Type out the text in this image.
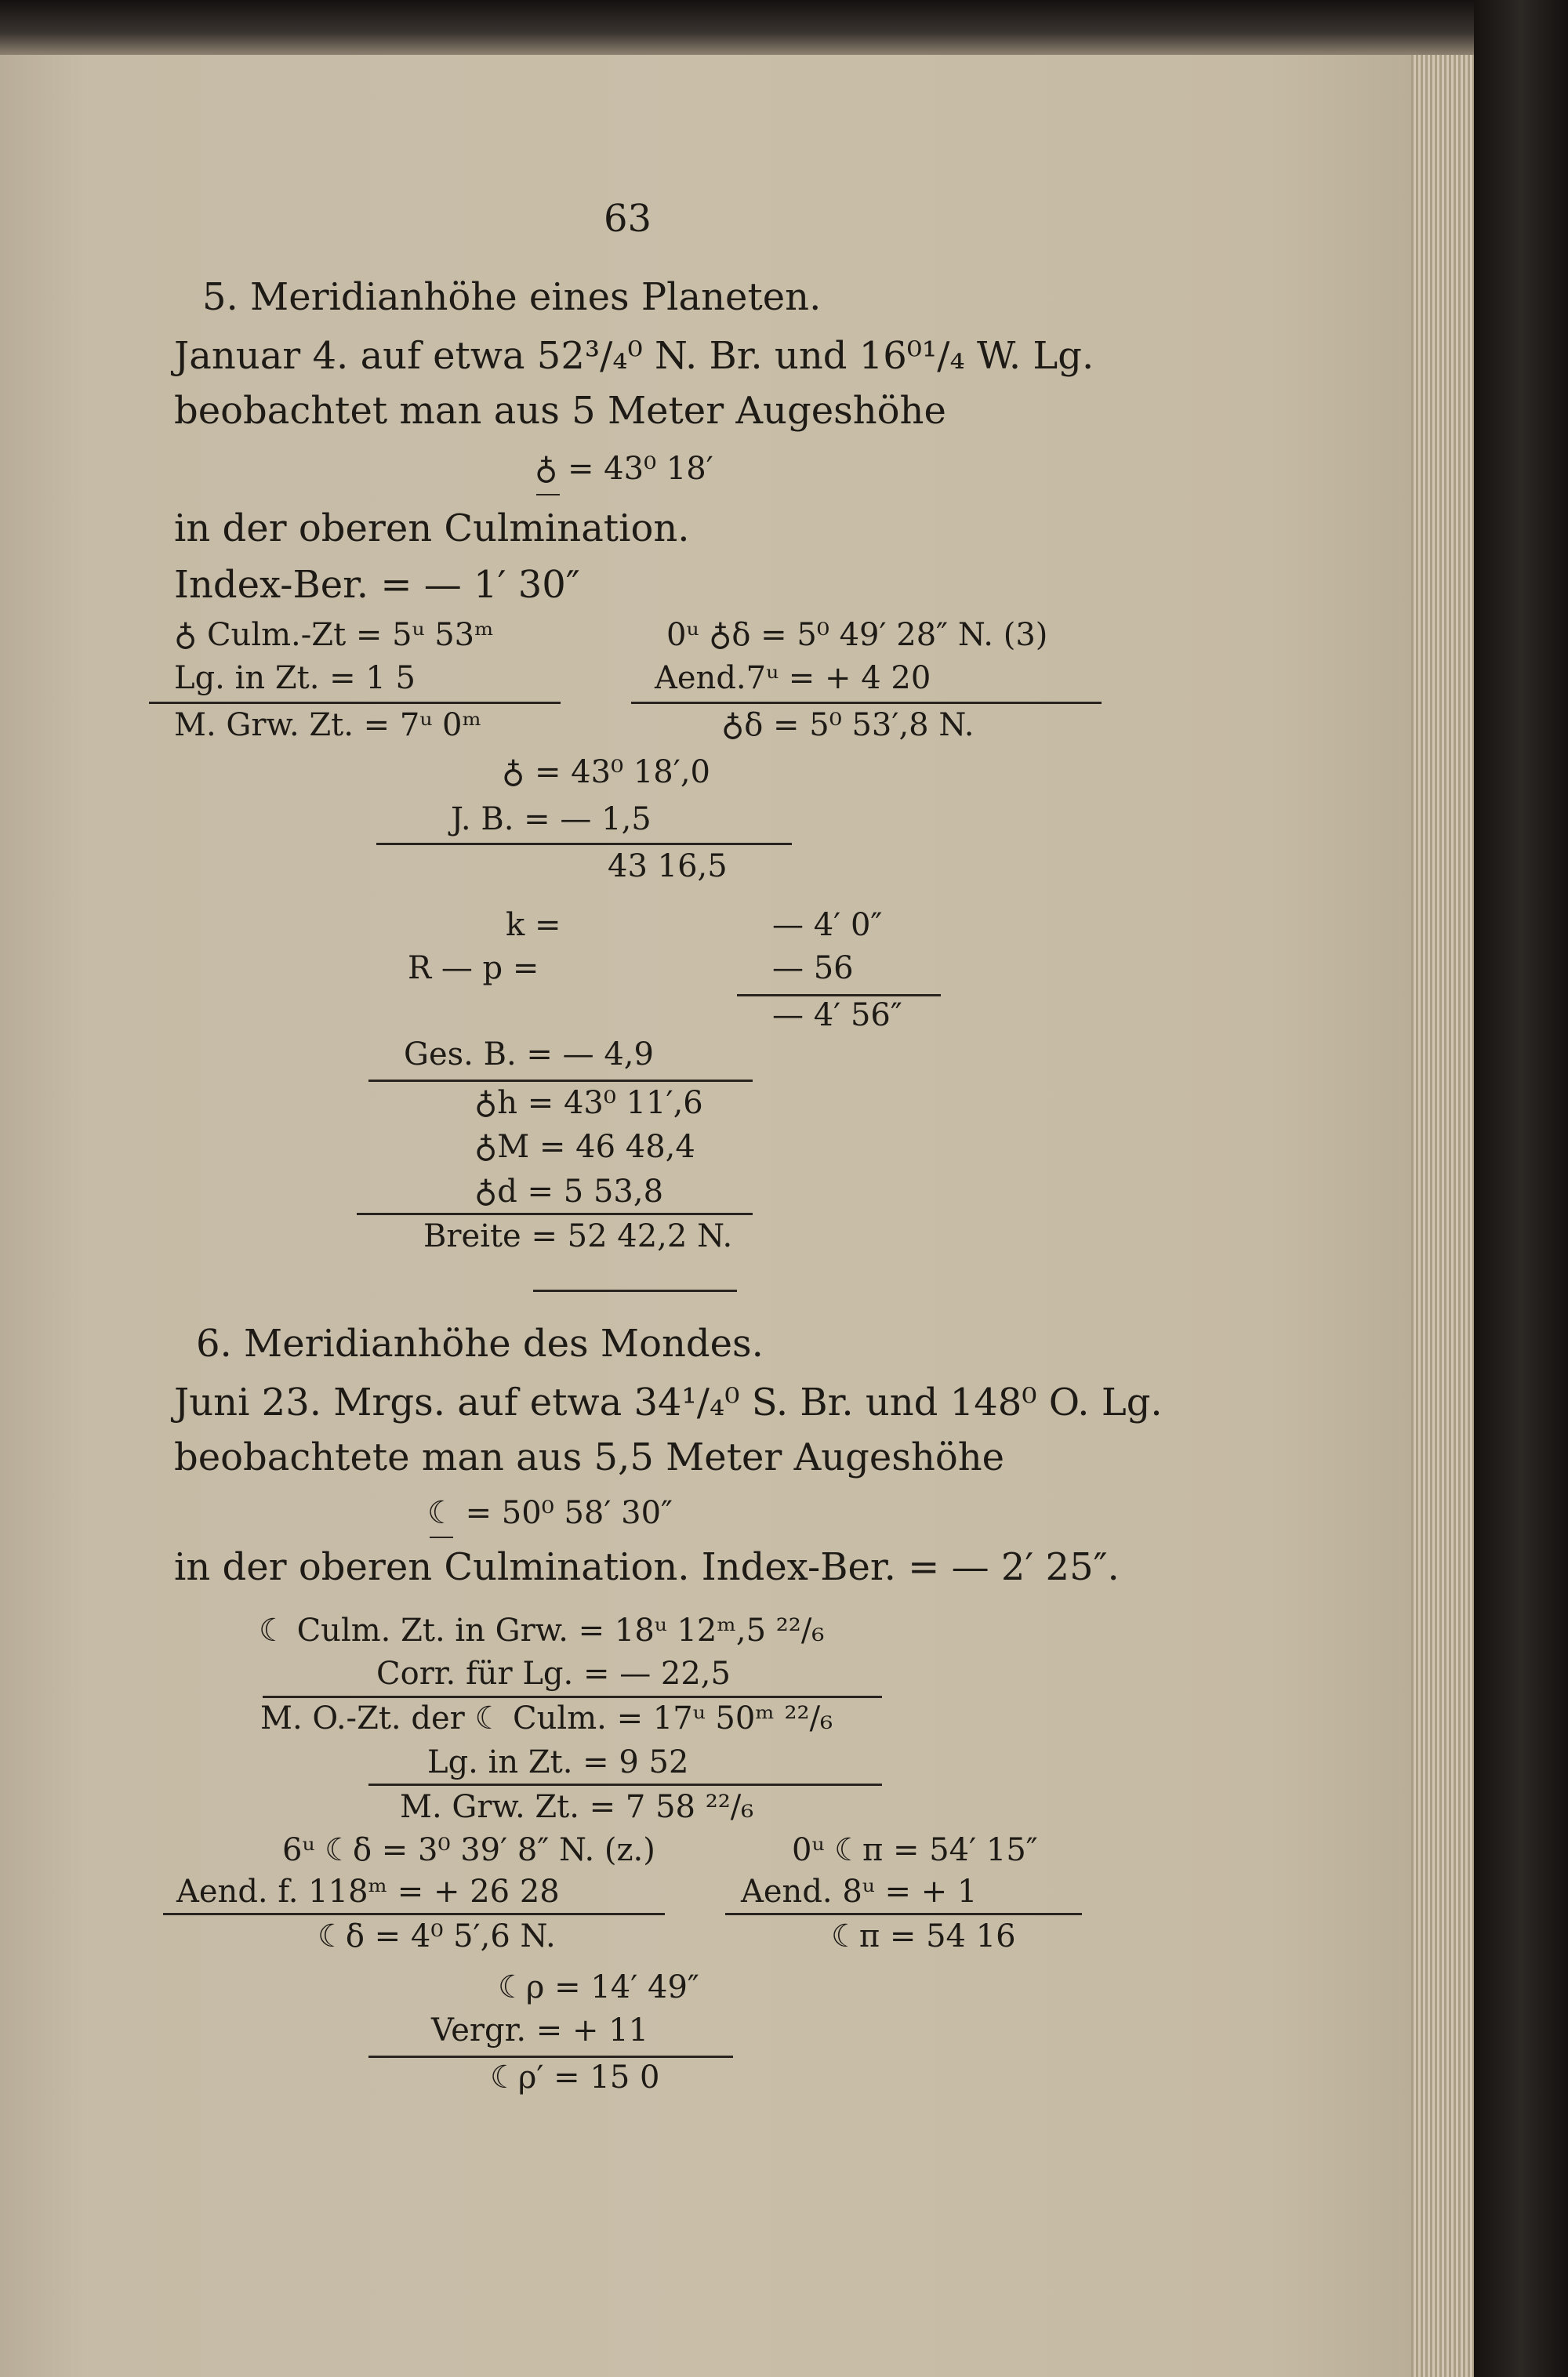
63
5. Meridianhöhe eines Planeten.
Januar 4. auf etwa 52³/₄⁰ N. Br. und 16⁰¹/₄ W. Lg.
beobachtet man aus 5 Meter Augeshöhe
♁ = 43⁰ 18′
in der oberen Culmination.
Index-Ber. = — 1′ 30″
♁ Culm.-Zt = 5ᵘ 53ᵐ
Lg. in Zt. = 1 5
M. Grw. Zt. = 7ᵘ 0ᵐ
0ᵘ ♁δ = 5⁰ 49′ 28″ N. (3)
Aend.7ᵘ = + 4 20
♁δ = 5⁰ 53′,8 N.
♁ = 43⁰ 18′,0
J. B. = — 1,5
43 16,5
k =	— 4′ 0″
R — p =	— 56
— 4′ 56″
Ges. B. = — 4,9
♁h = 43⁰ 11′,6
♁M = 46 48,4
♁d = 5 53,8
Breite = 52 42,2 N.
6. Meridianhöhe des Mondes.
Juni 23. Mrgs. auf etwa 34¹/₄⁰ S. Br. und 148⁰ O. Lg.
beobachtete man aus 5,5 Meter Augeshöhe
☾ = 50⁰ 58′ 30″
in der oberen Culmination. Index-Ber. = — 2′ 25″.
☾ Culm. Zt. in Grw. = 18ᵘ 12ᵐ,5 ²²/₆
Corr. für Lg. = — 22,5
M. O.-Zt. der ☾ Culm. = 17ᵘ 50ᵐ ²²/₆
Lg. in Zt. = 9 52
M. Grw. Zt. = 7 58 ²²/₆
6ᵘ ☾δ = 3⁰ 39′ 8″ N. (z.)
Aend. f. 118ᵐ = + 26 28
☾δ = 4⁰ 5′,6 N.
0ᵘ ☾π = 54′ 15″
Aend. 8ᵘ = + 1
☾π = 54 16
☾ρ = 14′ 49″
Vergr. = + 11
☾ρ′ = 15 0
